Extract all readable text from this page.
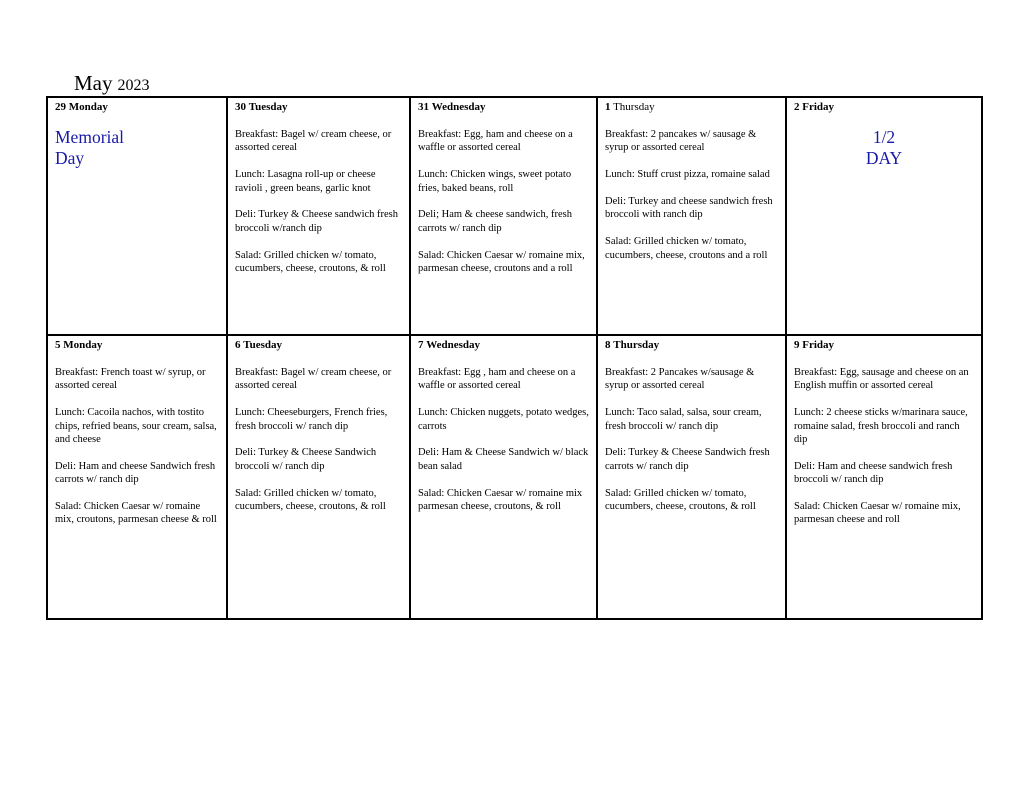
May 2023
29 Monday
Memorial
Day
30 Tuesday

Breakfast: Bagel w/ cream cheese, or assorted cereal

Lunch: Lasagna roll-up or cheese ravioli , green beans, garlic knot

Deli: Turkey & Cheese sandwich fresh broccoli w/ranch dip

Salad: Grilled chicken w/ tomato, cucumbers, cheese, croutons, & roll

31 Wednesday

Breakfast: Egg, ham and cheese on a waffle or assorted cereal

Lunch: Chicken wings, sweet potato fries, baked beans, roll

Deli; Ham & cheese sandwich, fresh carrots w/ ranch dip

Salad: Chicken Caesar w/ romaine mix, parmesan cheese, croutons and a roll

1 Thursday

Breakfast: 2 pancakes w/ sausage & syrup or assorted cereal

Lunch: Stuff crust pizza, romaine salad

Deli: Turkey and cheese sandwich fresh broccoli with ranch dip

Salad: Grilled chicken w/ tomato, cucumbers, cheese, croutons and a roll

2 Friday
1/2
DAY
5 Monday

Breakfast: French toast w/ syrup, or assorted cereal

Lunch: Cacoila nachos, with tostito chips, refried beans, sour cream, salsa, and cheese

Deli: Ham and cheese Sandwich fresh carrots w/ ranch dip

Salad: Chicken Caesar w/ romaine mix, croutons, parmesan cheese & roll

6 Tuesday

Breakfast: Bagel w/ cream cheese, or assorted cereal

Lunch: Cheeseburgers, French fries, fresh broccoli w/ ranch dip

Deli: Turkey & Cheese Sandwich broccoli w/ ranch dip

Salad: Grilled chicken w/ tomato, cucumbers, cheese, croutons, & roll

7 Wednesday

Breakfast: Egg , ham and cheese on a waffle or assorted cereal

Lunch: Chicken nuggets, potato wedges, carrots

Deli: Ham & Cheese Sandwich w/ black bean salad

Salad: Chicken Caesar w/ romaine mix parmesan cheese, croutons, & roll

8 Thursday

Breakfast: 2 Pancakes w/sausage & syrup or assorted cereal

Lunch: Taco salad, salsa, sour cream, fresh broccoli w/ ranch dip

Deli: Turkey & Cheese Sandwich fresh carrots w/ ranch dip

Salad: Grilled chicken w/ tomato, cucumbers, cheese, croutons, & roll

9 Friday

Breakfast: Egg, sausage and cheese on an English muffin or assorted cereal

Lunch: 2 cheese sticks w/marinara sauce, romaine salad, fresh broccoli and ranch dip

Deli: Ham and cheese sandwich fresh broccoli w/ ranch dip

Salad: Chicken Caesar w/ romaine mix, parmesan cheese and roll
